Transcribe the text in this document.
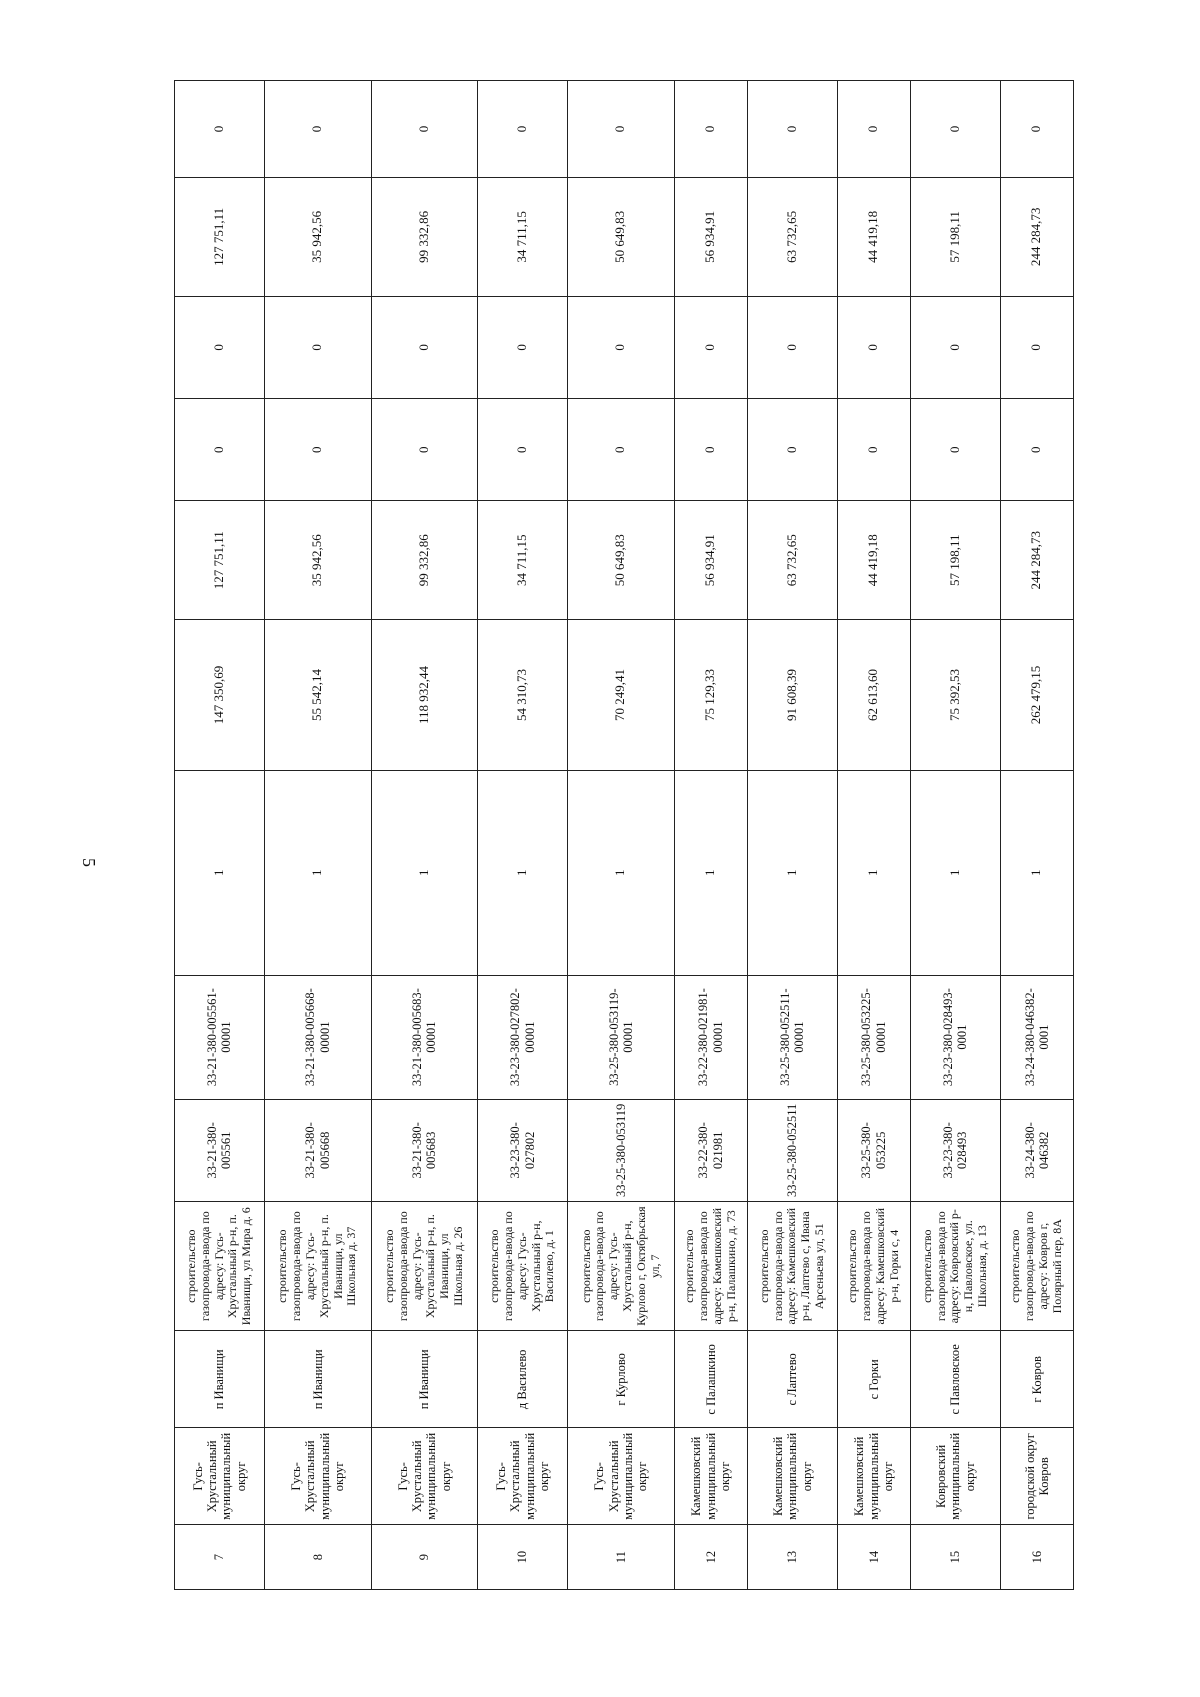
5
7	Гусь-Хрустальный муниципальный округ	п Иванищи	строительство газопровода-ввода по адресу: Гусь-Хрустальный р-н, п. Иванищи, ул Мира д. 6	33-21-380-005561	33-21-380-005561-00001	1	147 350,69	127 751,11	0	0	127 751,11	0
8	Гусь-Хрустальный муниципальный округ	п Иванищи	строительство газопровода-ввода по адресу: Гусь-Хрустальный р-н, п. Иванищи, ул Школьная д. 37	33-21-380-005668	33-21-380-005668-00001	1	55 542,14	35 942,56	0	0	35 942,56	0
9	Гусь-Хрустальный муниципальный округ	п Иванищи	строительство газопровода-ввода по адресу: Гусь-Хрустальный р-н, п. Иванищи, ул Школьная д. 26	33-21-380-005683	33-21-380-005683-00001	1	118 932,44	99 332,86	0	0	99 332,86	0
10	Гусь-Хрустальный муниципальный округ	д Василево	строительство газопровода-ввода по адресу: Гусь-Хрустальный р-н, Василево, д. 1	33-23-380-027802	33-23-380-027802-00001	1	54 310,73	34 711,15	0	0	34 711,15	0
11	Гусь-Хрустальный муниципальный округ	г Курлово	строительство газопровода-ввода по адресу: Гусь-Хрустальный р-н, Курлово г, Октябрьская ул, 7	33-25-380-053119	33-25-380-053119-00001	1	70 249,41	50 649,83	0	0	50 649,83	0
12	Камешковский муниципальный округ	с Палашкино	строительство газопровода-ввода по адресу: Камешковский р-н, Палашкино, д. 73	33-22-380-021981	33-22-380-021981-00001	1	75 129,33	56 934,91	0	0	56 934,91	0
13	Камешковский муниципальный округ	с Лаптево	строительство газопровода-ввода по адресу: Камешковский р-н, Лаптево с, Ивана Арсеньева ул, 51	33-25-380-052511	33-25-380-052511-00001	1	91 608,39	63 732,65	0	0	63 732,65	0
14	Камешковский муниципальный округ	с Горки	строительство газопровода-ввода по адресу: Камешковский р-н, Горки с, 4	33-25-380-053225	33-25-380-053225-00001	1	62 613,60	44 419,18	0	0	44 419,18	0
15	Ковровский муниципальный округ	с Павловское	строительство газопровода-ввода по адресу: Ковровский р-н, Павловское, ул. Школьная, д. 13	33-23-380-028493	33-23-380-028493-0001	1	75 392,53	57 198,11	0	0	57 198,11	0
16	городской округ Ковров	г Ковров	строительство газопровода-ввода по адресу: Ковров г, Полярный пер, 8А	33-24-380-046382	33-24-380-046382-0001	1	262 479,15	244 284,73	0	0	244 284,73	0
